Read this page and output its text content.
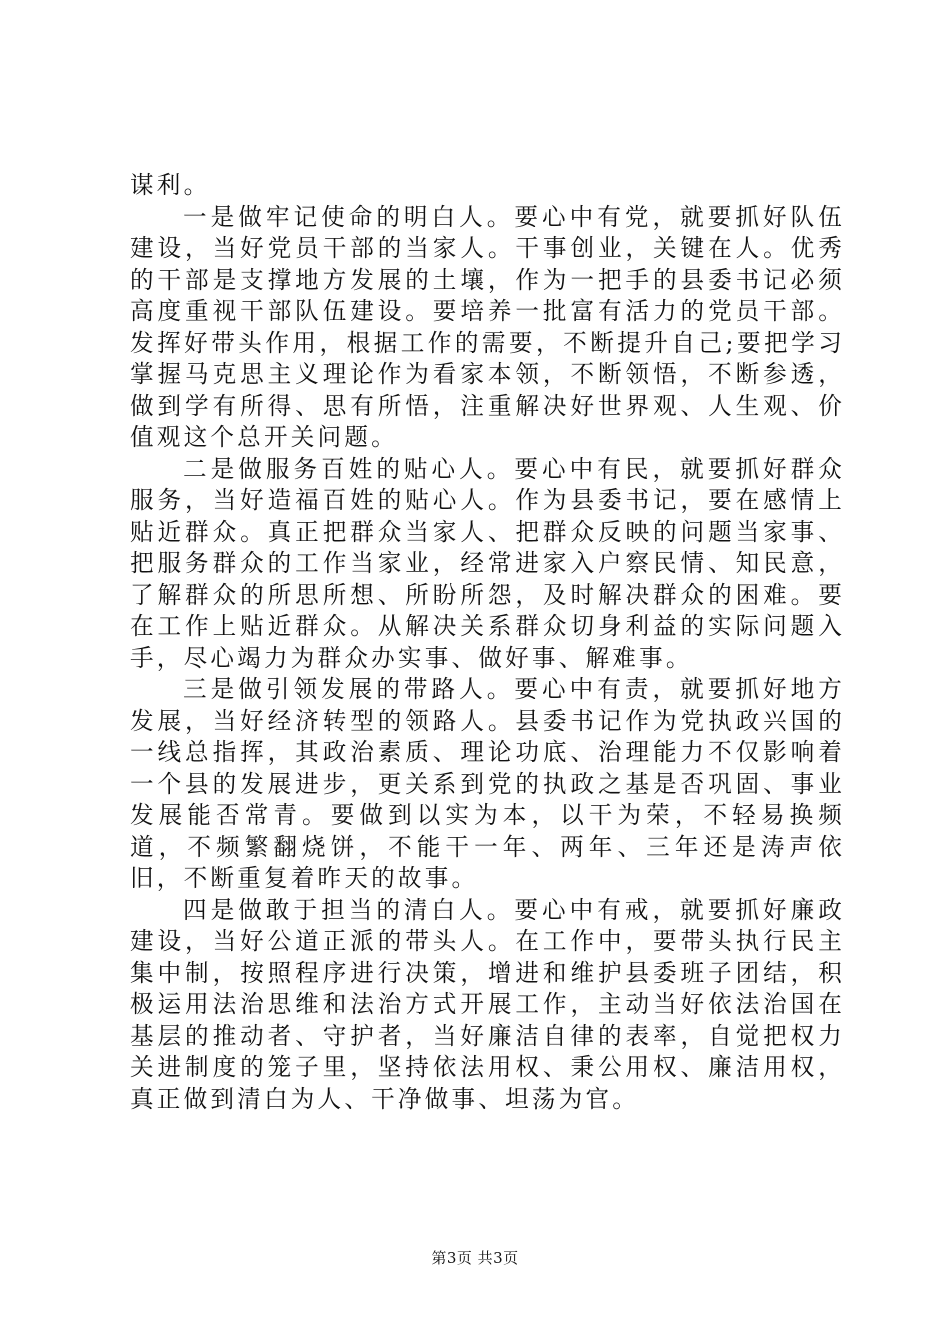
谋利。

一是做牢记使命的明白人。要心中有党，就要抓好队伍建设，当好党员干部的当家人。干事创业，关键在人。优秀的干部是支撑地方发展的土壤，作为一把手的县委书记必须高度重视干部队伍建设。要培养一批富有活力的党员干部。发挥好带头作用，根据工作的需要，不断提升自己;要把学习掌握马克思主义理论作为看家本领，不断领悟，不断参透，做到学有所得、思有所悟，注重解决好世界观、人生观、价值观这个总开关问题。

二是做服务百姓的贴心人。要心中有民，就要抓好群众服务，当好造福百姓的贴心人。作为县委书记，要在感情上贴近群众。真正把群众当家人、把群众反映的问题当家事、把服务群众的工作当家业，经常进家入户察民情、知民意，了解群众的所思所想、所盼所怨，及时解决群众的困难。要在工作上贴近群众。从解决关系群众切身利益的实际问题入手，尽心竭力为群众办实事、做好事、解难事。

三是做引领发展的带路人。要心中有责，就要抓好地方发展，当好经济转型的领路人。县委书记作为党执政兴国的一线总指挥，其政治素质、理论功底、治理能力不仅影响着一个县的发展进步，更关系到党的执政之基是否巩固、事业发展能否常青。要做到以实为本，以干为荣，不轻易换频道，不频繁翻烧饼，不能干一年、两年、三年还是涛声依旧，不断重复着昨天的故事。

四是做敢于担当的清白人。要心中有戒，就要抓好廉政建设，当好公道正派的带头人。在工作中，要带头执行民主集中制，按照程序进行决策，增进和维护县委班子团结，积极运用法治思维和法治方式开展工作，主动当好依法治国在基层的推动者、守护者，当好廉洁自律的表率，自觉把权力关进制度的笼子里，坚持依法用权、秉公用权、廉洁用权，真正做到清白为人、干净做事、坦荡为官。

第3页 共3页
